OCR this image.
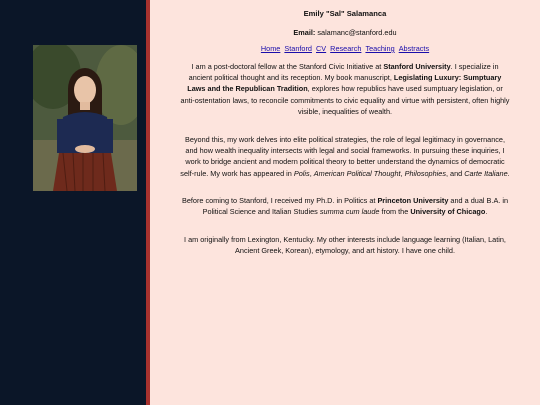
Emily "Sal" Salamanca
Email: salamanc@stanford.edu
Home Stanford CV Research Teaching Abstracts
I am a post-doctoral fellow at the Stanford Civic Initiative at Stanford University. I specialize in ancient political thought and its reception. My book manuscript, Legislating Luxury: Sumptuary Laws and the Republican Tradition, explores how republics have used sumptuary legislation, or anti-ostentation laws, to reconcile commitments to civic equality and virtue with persistent, often highly visible, inequalities of wealth.
Beyond this, my work delves into elite political strategies, the role of legal legitimacy in governance, and how wealth inequality intersects with legal and social frameworks. In pursuing these inquiries, I work to bridge ancient and modern political theory to better understand the dynamics of democratic self-rule. My work has appeared in Polis, American Political Thought, Philosophies, and Carte Italiane.
Before coming to Stanford, I received my Ph.D. in Politics at Princeton University and a dual B.A. in Political Science and Italian Studies summa cum laude from the University of Chicago.
I am originally from Lexington, Kentucky. My other interests include language learning (Italian, Latin, Ancient Greek, Korean), etymology, and art history. I have one child.
